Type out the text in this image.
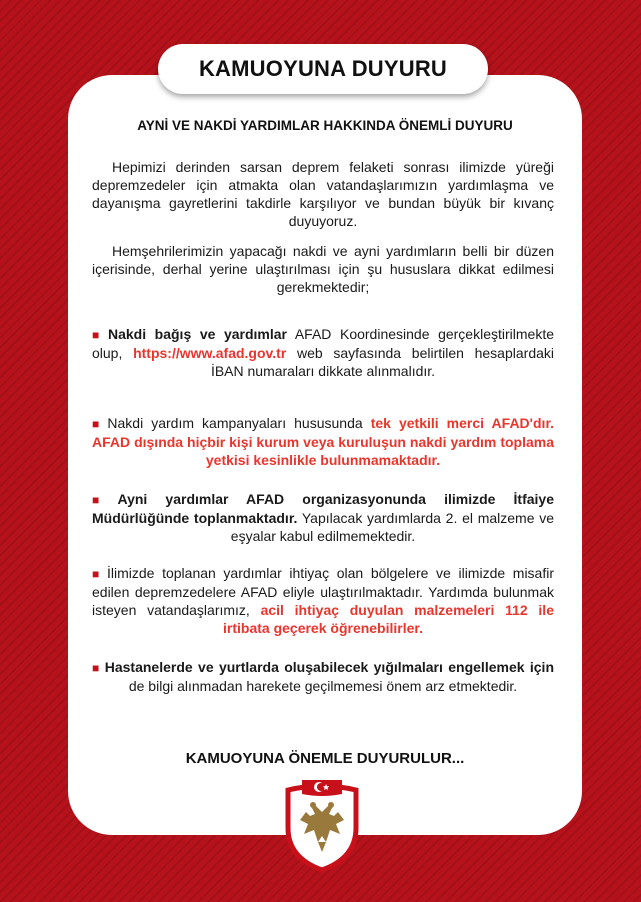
KAMUOYUNA DUYURU
AYNİ VE NAKDİ YARDIMLAR HAKKINDA ÖNEMLİ DUYURU
Hepimizi derinden sarsan deprem felaketi sonrası ilimizde yüreği depremzedeler için atmakta olan vatandaşlarımızın yardımlaşma ve dayanışma gayretlerini takdirle karşılıyor ve bundan büyük bir kıvanç duyuyoruz.
Hemşehrilerimizin yapacağı nakdi ve ayni yardımların belli bir düzen içerisinde, derhal yerine ulaştırılması için şu hususlara dikkat edilmesi gerekmektedir;
■ Nakdi bağış ve yardımlar AFAD Koordinesinde gerçekleştirilmekte olup, https://www.afad.gov.tr web sayfasında belirtilen hesaplardaki İBAN numaraları dikkate alınmalıdır.
■ Nakdi yardım kampanyaları hususunda tek yetkili merci AFAD'dır. AFAD dışında hiçbir kişi kurum veya kuruluşun nakdi yardım toplama yetkisi kesinlikle bulunmamaktadır.
■ Ayni yardımlar AFAD organizasyonunda ilimizde İtfaiye Müdürlüğünde toplanmaktadır. Yapılacak yardımlarda 2. el malzeme ve eşyalar kabul edilmemektedir.
■ İlimizde toplanan yardımlar ihtiyaç olan bölgelere ve ilimizde misafir edilen depremzedelere AFAD eliyle ulaştırılmaktadır. Yardımda bulunmak isteyen vatandaşlarımız, acil ihtiyaç duyulan malzemeleri 112 ile irtibata geçerek öğrenebilirler.
■ Hastanelerde ve yurtlarda oluşabilecek yığılmaları engellemek için de bilgi alınmadan harekete geçilmemesi önem arz etmektedir.
KAMUOYUNA ÖNEMLE DUYURULUR...
